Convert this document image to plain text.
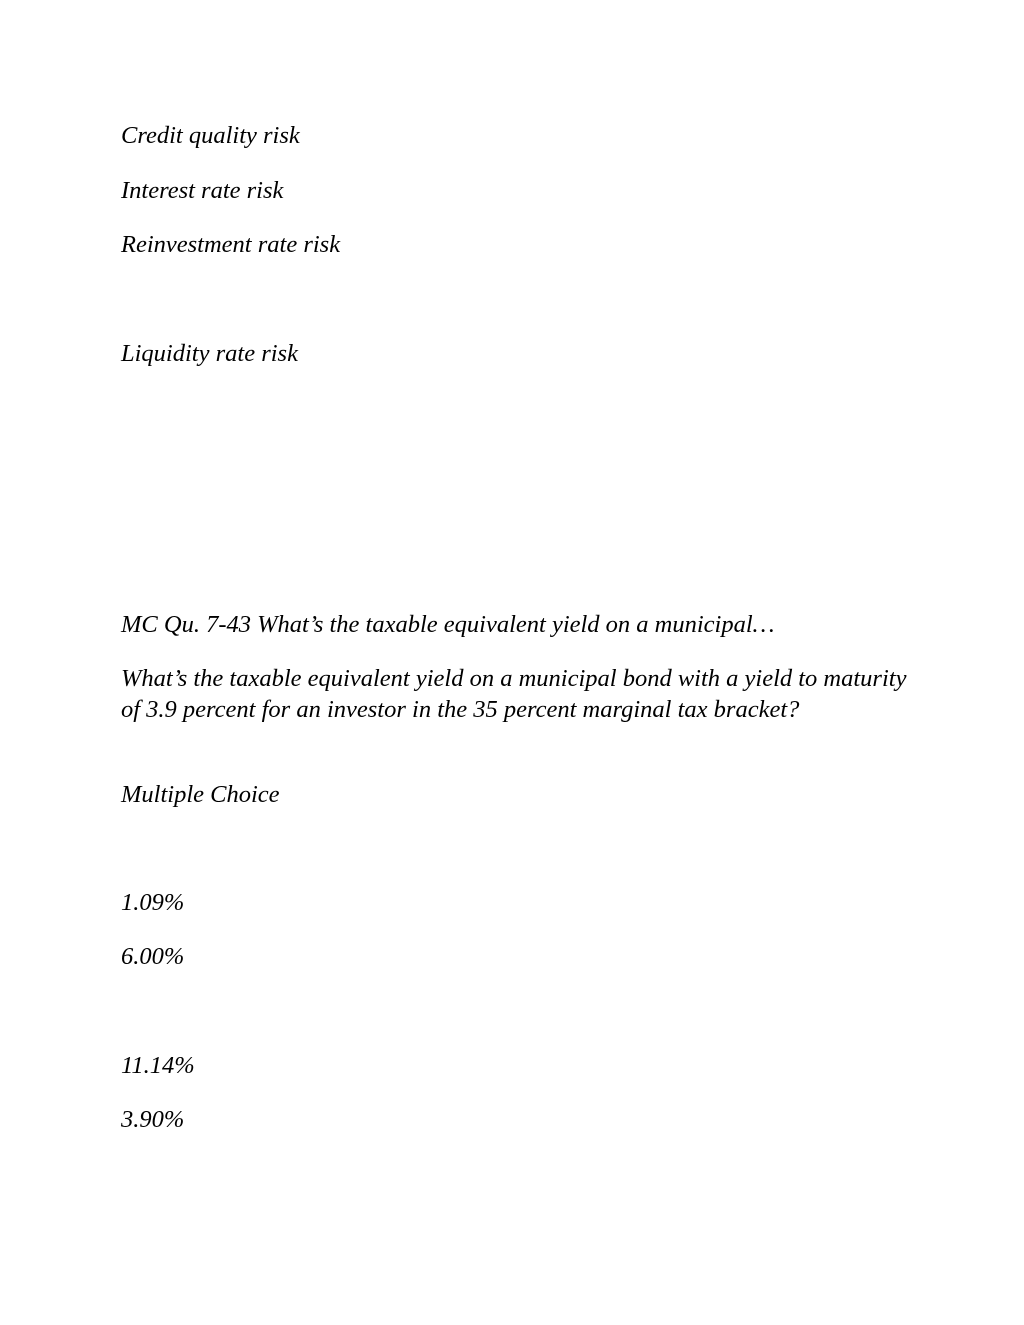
Credit quality risk

Interest rate risk

Reinvestment rate risk

Liquidity rate risk

MC Qu. 7-43 What’s the taxable equivalent yield on a municipal…

What’s the taxable equivalent yield on a municipal bond with a yield to maturity of 3.9 percent for an investor in the 35 percent marginal tax bracket?

Multiple Choice

1.09%

6.00%

11.14%

3.90%
